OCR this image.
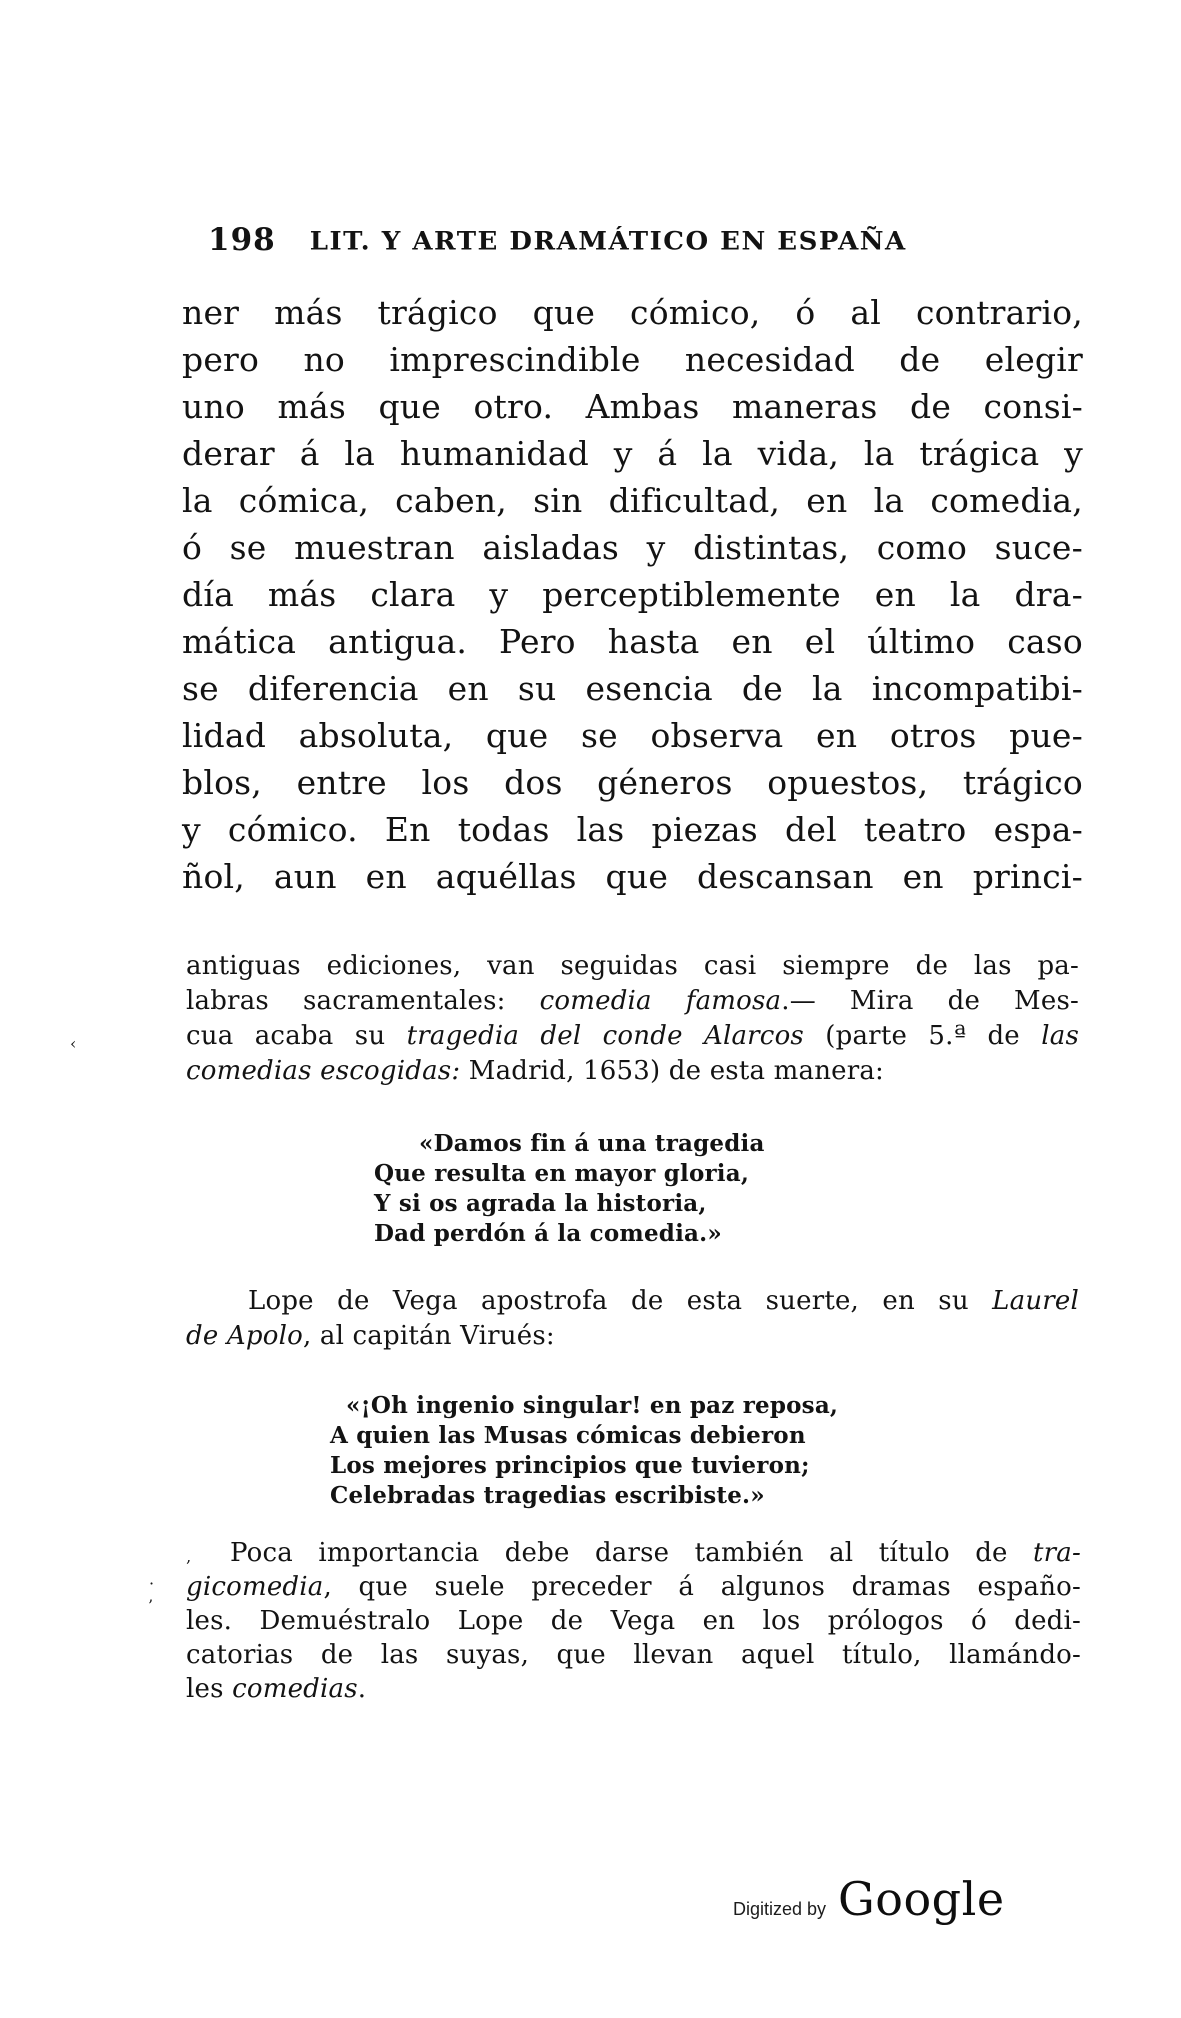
198 LIT. Y ARTE DRAMÁTICO EN ESPAÑA
ner más trágico que cómico, ó al contrario,
pero no imprescindible necesidad de elegir
uno más que otro. Ambas maneras de consi-
derar á la humanidad y á la vida, la trágica y
la cómica, caben, sin dificultad, en la comedia,
ó se muestran aisladas y distintas, como suce-
día más clara y perceptiblemente en la dra-
mática antigua. Pero hasta en el último caso
se diferencia en su esencia de la incompatibi-
lidad absoluta, que se observa en otros pue-
blos, entre los dos géneros opuestos, trágico
y cómico. En todas las piezas del teatro espa-
ñol, aun en aquéllas que descansan en princi-
antiguas ediciones, van seguidas casi siempre de las pa-
labras sacramentales: comedia famosa.— Mira de Mes-
cua acaba su tragedia del conde Alarcos (parte 5.ª de las
comedias escogidas: Madrid, 1653) de esta manera:
«Damos fin á una tragedia
Que resulta en mayor gloria,
Y si os agrada la historia,
Dad perdón á la comedia.»
Lope de Vega apostrofa de esta suerte, en su Laurel
de Apolo, al capitán Virués:
«¡Oh ingenio singular! en paz reposa,
A quien las Musas cómicas debieron
Los mejores principios que tuvieron;
Celebradas tragedias escribiste.»
Poca importancia debe darse también al título de tra-
gicomedia, que suele preceder á algunos dramas españo-
les. Demuéstralo Lope de Vega en los prólogos ó dedi-
catorias de las suyas, que llevan aquel título, llamándo-
les comedias.
Digitized by Google
‹
‚
·
’
